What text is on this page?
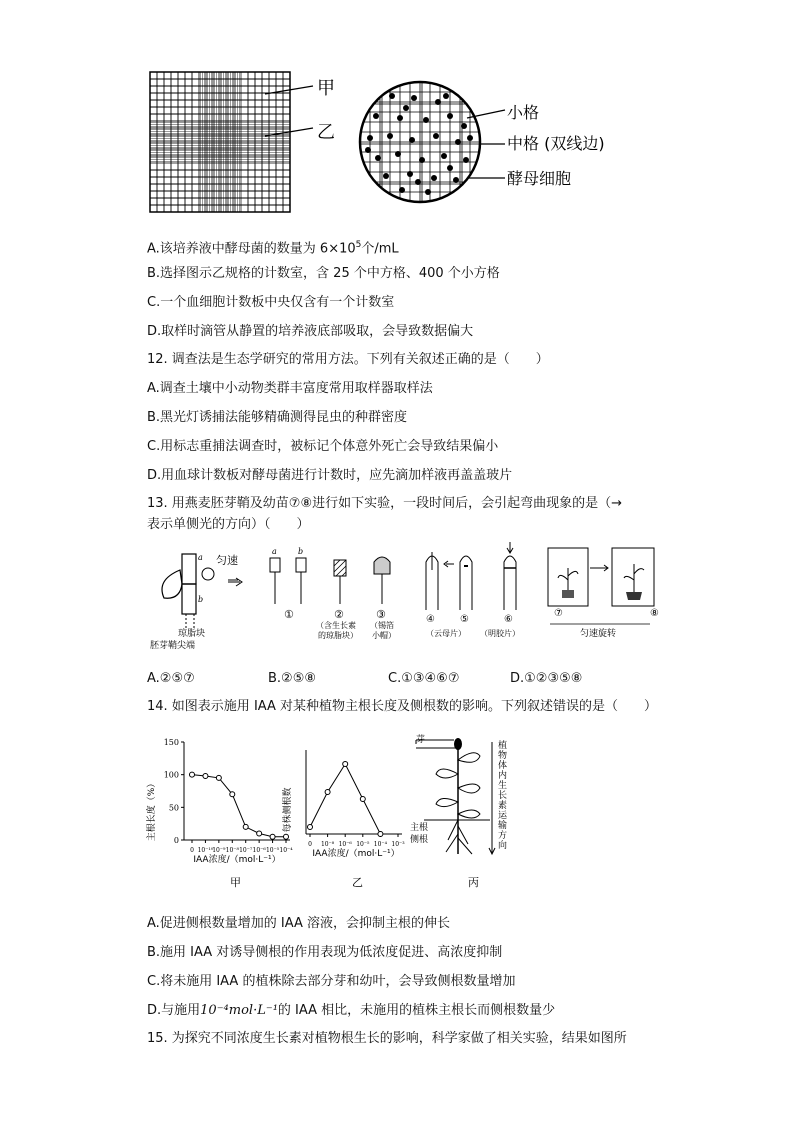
甲
乙
小格
中格 (双线边)
酵母细胞
A.该培养液中酵母菌的数量为 $6\times 10^5$个/mL
B.选择图示乙规格的计数室，含 25 个中方格、400 个小方格
C.一个血细胞计数板中央仅含有一个计数室
D.取样时滴管从静置的培养液底部吸取，会导致数据偏大
12. 调查法是生态学研究的常用方法。下列有关叙述正确的是（　　）
A.调查土壤中小动物类群丰富度常用取样器取样法
B.黑光灯诱捕法能够精确测得昆虫的种群密度
C.用标志重捕法调查时，被标记个体意外死亡会导致结果偏小
D.用血球计数板对酵母菌进行计数时，应先滴加样液再盖盖玻片
13. 用燕麦胚芽鞘及幼苗⑦⑧进行如下实验，一段时间后，会引起弯曲现象的是（→
表示单侧光的方向）（　　）
a
b
匀速
琼脂块
胚芽鞘尖端
a	b
①	②
（含生长素
的琼脂块）
③
（锡箔
小帽）
④	⑤
（云母片）
⑥
（明胶片）
⑦	⑧
匀速旋转
A.②⑤⑦	B.②⑤⑧	C.①③④⑥⑦	D.①②③⑤⑧
14. 如图表示施用 IAA 对某种植物主根长度及侧根数的影响。下列叙述错误的是（　　）
主根长度（%） 0
50
100
150
0 10⁻¹⁰ 10⁻⁹ 10⁻⁸ 10⁻⁷ 10⁻⁶ 10⁻⁵ 10⁻⁴
IAA浓度/（mol·L⁻¹）
每株侧根数
0 10⁻⁸ 10⁻⁶ 10⁻⁵ 10⁻⁴ 10⁻³
IAA浓度/（mol·L⁻¹）
芽
主根
侧根
植物体内生长素运输方向
甲	乙	丙
A.促进侧根数量增加的 IAA 溶液，会抑制主根的伸长
B.施用 IAA 对诱导侧根的作用表现为低浓度促进、高浓度抑制
C.将未施用 IAA 的植株除去部分芽和幼叶，会导致侧根数量增加
D.与施用10⁻⁴mol·L⁻¹的 IAA 相比，未施用的植株主根长而侧根数量少
15. 为探究不同浓度生长素对植物根生长的影响，科学家做了相关实验，结果如图所
